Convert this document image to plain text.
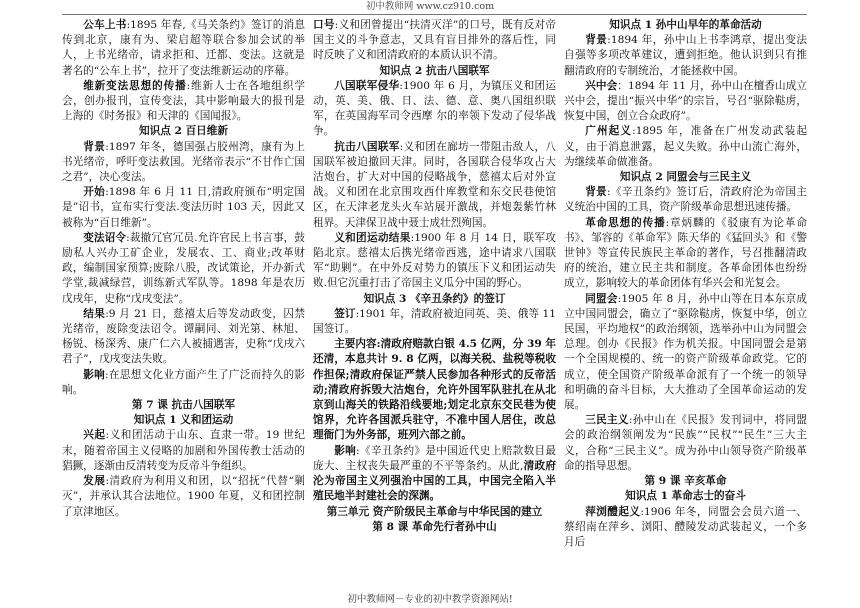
初中教师网 www.cz910.com

公车上书:1895 年春,《马关条约》签订的消息传到北京，康有为、梁启超等联合参加会试的举人，上书光绪帝，请求拒和、迁都、变法。这就是著名的“公车上书”，拉开了变法维新运动的序幕。

维新变法思想的传播:维新人士在各地组织学会，创办报刊，宣传变法，其中影响最大的报刊是上海的《时务报》和天津的《国闻报》。

知识点 2 百日维新

背景:1897 年冬，德国强占胶州湾，康有为上书光绪帝，呼吁变法救国。光绪帝表示“不甘作亡国之君”，决心变法。

开始:1898 年 6 月 11 日,清政府颁布“明定国是”诏书，宣布实行变法.变法历时 103 天，因此又被称为“百日维新”。

变法诏令:裁撤冗官冗员.允许官民上书言事，鼓励私人兴办工矿企业，发展农、工、商业;改革财政，编制国家预算;废除八股，改试策论，开办新式学堂,裁减绿营，训练新式军队等。1898 年是农历戊戌年，史称“戊戌变法”。

结果:9 月 21 日，慈禧太后等发动政变，囚禁光绪帝，废除变法诏令。谭嗣同、刘光第、林旭、杨锐、杨深秀、康广仁六人被捕遇害，史称“戊戌六君子”，戊戌变法失败。

影响:在思想文化业方面产生了广泛而持久的影响。

第 7 课 抗击八国联军

知识点 1 义和团运动

兴起:义和团活动于山东、直隶一带。19 世纪末，随着帝国主义侵略的加剧和外国传教士活动的猖獗，逐渐由反清转变为反帝斗争组织。

发展:清政府为利用义和团，以“招抚”代替“剿灭”，并承认其合法地位。1900 年夏，义和团控制了京津地区。

口号:义和团曾提出“扶清灭洋”的口号，既有反对帝国主义的斗争意志，又具有盲目排外的落后性，同时反映了义和团清政府的本质认识不清。

知识点 2 抗击八国联军

八国联军侵华:1900 年 6 月，为镇压义和团运动，英、美、俄、日、法、德、意、奥八国组织联军，在英国海军司令西摩 尔的率领下发动了侵华战争。

抗击八国联军:义和团在廊坊一带阻击敌人，八国联军被迫撤回天津。同时，各国联合侵华攻占大沽炮台，扩大对中国的侵略战争，慈禧太后对外宣战。义和团在北京围攻西什库教堂和东交民巷使馆区，在天津老龙头火车站展开激战，并炮轰紫竹林租界。天津保卫战中聂士成壮烈殉国。

义和团运动结果:1900 年 8 月 14 日，联军攻陷北京。慈禧太后携光绪帝西逃，途中请求八国联军“助剿”。在中外反对势力的镇压下义和团运动失败.但它沉重打击了帝国主义瓜分中国的野心。

知识点 3 《辛丑条约》的签订

签订:1901 年，清政府被迫同英、美、俄等 11 国签订。

主要内容:清政府赔款白银 4.5 亿两，分 39 年还清，本息共计 9. 8 亿两，以海关税、盐税等税收作担保;清政府保证严禁人民参加各种形式的反帝活动;清政府拆毁大沽炮台，允许外国军队驻扎在从北京到山海关的铁路沿线要地;划定北京东交民巷为使馆界，允许各国派兵驻守，不准中国人居住，改总理衙门为外务部，班列六部之前。

影响:《辛丑条约》是中国近代史上赔款数目最庞大、主权丧失最严重的不平等条约。从此,清政府沦为帝国主义列强治中国的工具，中国完全陷入半殖民地半封建社会的深渊。

第三单元 资产阶级民主革命与中华民国的建立

第 8 课 革命先行者孙中山

知识点 1 孙中山早年的革命活动

背景:1894 年，孙中山上书李鸿章，提出变法自强等多项改革建议，遭到拒绝。他认识到只有推翻清政府的专制统治，才能拯救中国。

兴中会：1894 年 11 月，孙中山在檀香山成立兴中会，提出“振兴中华”的宗旨，号召“驱除鞑虏，恢复中国，创立合众政府”。

广州起义:1895 年，准备在广州发动武装起义，由于消息泄露，起义失败。孙中山流亡海外，为继续革命做准备。

知识点 2 同盟会与三民主义

背景:《辛丑条约》签订后，清政府沦为帝国主义统治中国的工具，资产阶级革命思想迅速传播。

革命思想的传播:章炳麟的《驳康有为论革命书》、邹容的《革命军》陈天华的《猛回头》和《警世钟》等宣传民族民主革命的著作，号召推翻清政府的统治，建立民主共和制度。各革命团体也纷纷成立，影响较大的革命团体有华兴会和光复会。

同盟会:1905 年 8 月，孙中山等在日本东京成立中国同盟会，确立了“驱除鞑虏，恢复中华，创立民国，平均地权”的政治纲领，选举孙中山为同盟会总理。创办《民报》作为机关报。中国同盟会是第一个全国规模的、统一的资产阶级革命政党。它的成立，使全国资产阶级革命派有了一个统一的领导和明确的奋斗目标，大大推动了全国革命运动的发展。

三民主义:孙中山在《民报》发刊词中，将同盟会的政治纲领阐发为“民族”“民权”“民生”三大主义，合称“三民主义”。成为孙中山领导资产阶级革命的指导思想。

第 9 课 辛亥革命

知识点 1 革命志士的奋斗

萍浏醴起义:1906 年冬，同盟会会员六道一、蔡绍南在萍乡、浏阳、醴陵发动武装起义，一个多月后

初中教师网－专业的初中教学资源网站!
